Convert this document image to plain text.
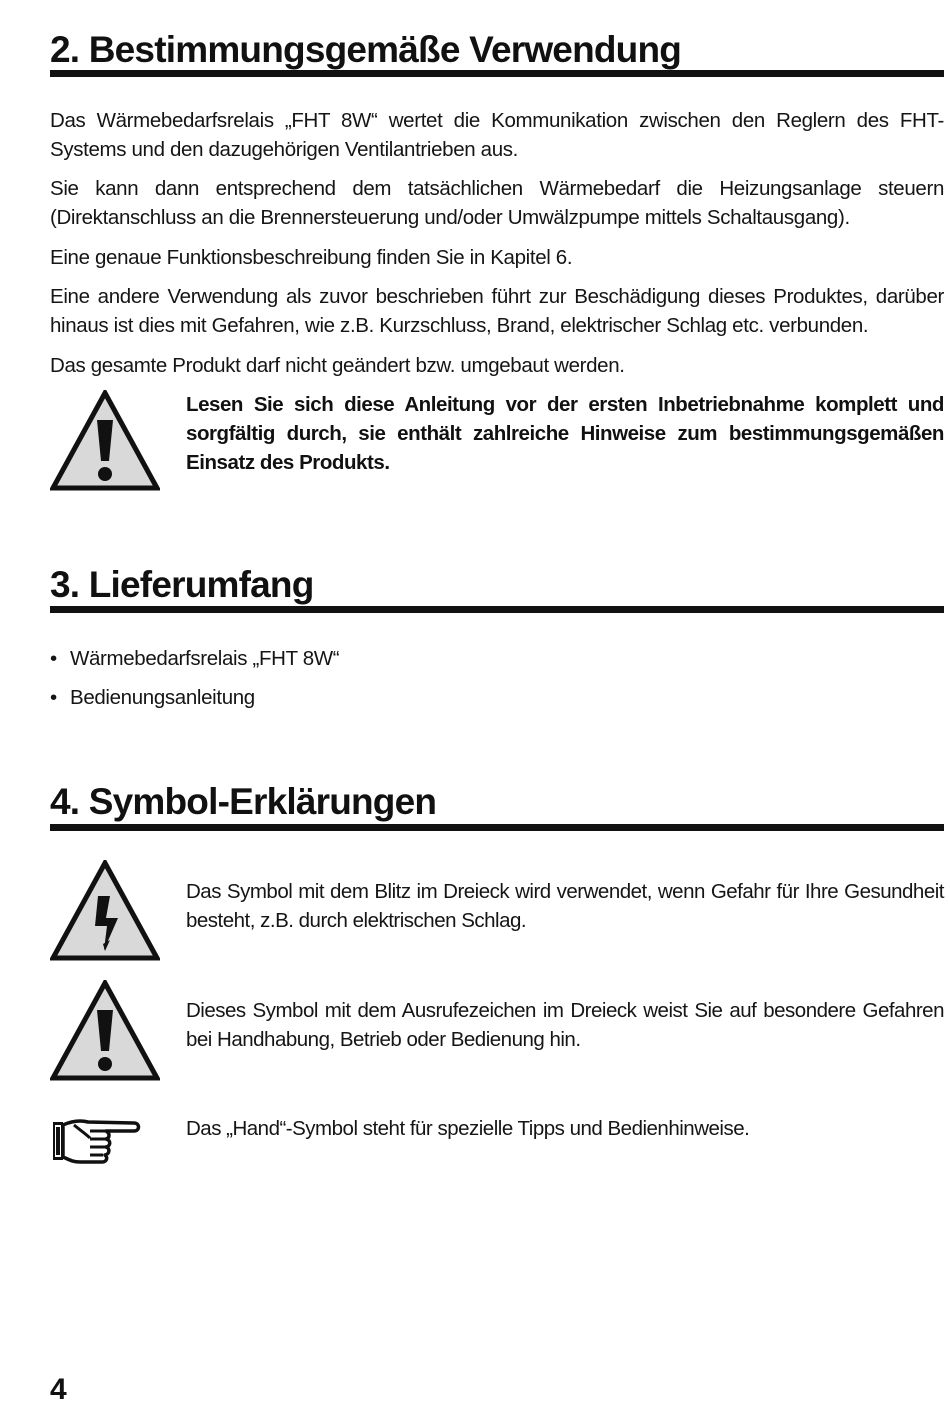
2. Bestimmungsgemäße Verwendung
Das Wärmebedarfsrelais „FHT 8W“ wertet die Kommunikation zwischen den Reglern des FHT-Systems und den dazugehörigen Ventilantrieben aus.
Sie kann dann entsprechend dem tatsächlichen Wärmebedarf die Heizungsanlage steuern (Direktanschluss an die Brennersteuerung und/oder Umwälzpumpe mittels Schaltausgang).
Eine genaue Funktionsbeschreibung finden Sie in Kapitel 6.
Eine andere Verwendung als zuvor beschrieben führt zur Beschädigung dieses Produktes, darüber hinaus ist dies mit Gefahren, wie z.B. Kurzschluss, Brand, elektrischer Schlag etc. verbunden.
Das gesamte Produkt darf nicht geändert bzw. umgebaut werden.
Lesen Sie sich diese Anleitung vor der ersten Inbetriebnahme komplett und sorgfältig durch, sie enthält zahlreiche Hinweise zum bestimmungsgemäßen Einsatz des Produkts.
3. Lieferumfang
• Wärmebedarfsrelais „FHT 8W“
• Bedienungsanleitung
4. Symbol-Erklärungen
Das Symbol mit dem Blitz im Dreieck wird verwendet, wenn Gefahr für Ihre Gesundheit besteht, z.B. durch elektrischen Schlag.
Dieses Symbol mit dem Ausrufezeichen im Dreieck weist Sie auf besondere Gefahren bei Handhabung, Betrieb oder Bedienung hin.
Das „Hand“-Symbol steht für spezielle Tipps und Bedienhinweise.
4
